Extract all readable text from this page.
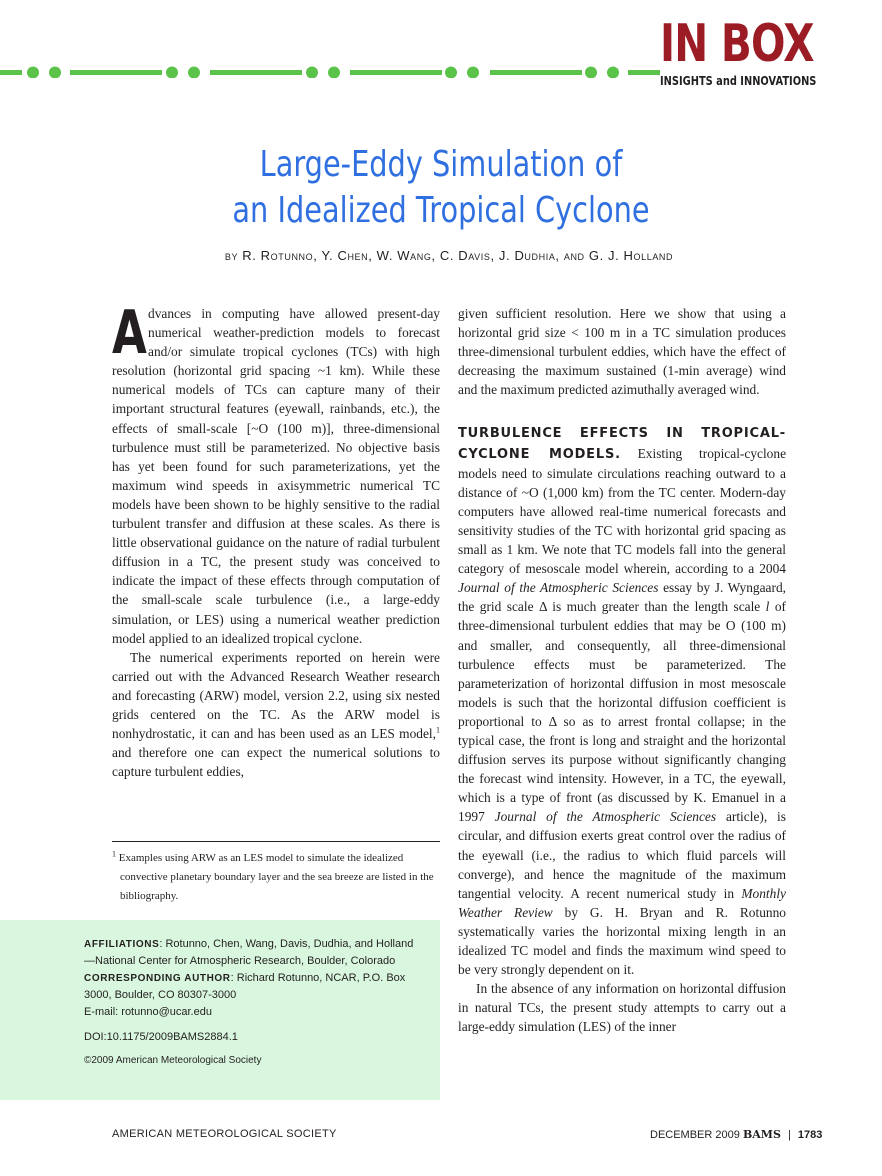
IN BOX
INSIGHTS and INNOVATIONS
Large-Eddy Simulation of
an Idealized Tropical Cyclone
by R. Rotunno, Y. Chen, W. Wang, C. Davis, J. Dudhia, and G. J. Holland

Advances in computing have allowed present-day numerical weather-prediction models to forecast and/or simulate tropical cyclones (TCs) with high resolution (horizontal grid spacing ~1 km). While these numerical models of TCs can capture many of their important structural features (eyewall, rainbands, etc.), the effects of small-scale [~O (100 m)], three-dimensional turbulence must still be parameterized. No objective basis has yet been found for such parameterizations, yet the maximum wind speeds in axisymmetric numerical TC models have been shown to be highly sensitive to the radial turbulent transfer and diffusion at these scales. As there is little observational guidance on the nature of radial turbulent diffusion in a TC, the present study was conceived to indicate the impact of these effects through computation of the small-scale scale turbulence (i.e., a large-eddy simulation, or LES) using a numerical weather prediction model applied to an idealized tropical cyclone.

The numerical experiments reported on herein were carried out with the Advanced Research Weather research and forecasting (ARW) model, version 2.2, using six nested grids centered on the TC. As the ARW model is nonhydrostatic, it can and has been used as an LES model,$^1$ and therefore one can expect the numerical solutions to capture turbulent eddies,

$^1$ Examples using ARW as an LES model to simulate the idealized convective planetary boundary layer and the sea breeze are listed in the bibliography.

AFFILIATIONS: Rotunno, Chen, Wang, Davis, Dudhia, and Holland—National Center for Atmospheric Research, Boulder, Colorado

CORRESPONDING AUTHOR: Richard Rotunno, NCAR, P.O. Box 3000, Boulder, CO 80307-3000

E-mail: rotunno@ucar.edu

DOI:10.1175/2009BAMS2884.1

©2009 American Meteorological Society

given sufficient resolution. Here we show that using a horizontal grid size < 100 m in a TC simulation produces three-dimensional turbulent eddies, which have the effect of decreasing the maximum sustained (1-min average) wind and the maximum predicted azimuthally averaged wind.

TURBULENCE EFFECTS IN TROPICAL-CYCLONE MODELS. Existing tropical-cyclone models need to simulate circulations reaching outward to a distance of ~O (1,000 km) from the TC center. Modern-day computers have allowed real-time numerical forecasts and sensitivity studies of the TC with horizontal grid spacing as small as 1 km. We note that TC models fall into the general category of mesoscale model wherein, according to a 2004 Journal of the Atmospheric Sciences essay by J. Wyngaard, the grid scale Δ is much greater than the length scale l of three-dimensional turbulent eddies that may be O (100 m) and smaller, and consequently, all three-dimensional turbulence effects must be parameterized. The parameterization of horizontal diffusion in most mesoscale models is such that the horizontal diffusion coefficient is proportional to Δ so as to arrest frontal collapse; in the typical case, the front is long and straight and the horizontal diffusion serves its purpose without significantly changing the forecast wind intensity. However, in a TC, the eyewall, which is a type of front (as discussed by K. Emanuel in a 1997 Journal of the Atmospheric Sciences article), is circular, and diffusion exerts great control over the radius of the eyewall (i.e., the radius to which fluid parcels will converge), and hence the magnitude of the maximum tangential velocity. A recent numerical study in Monthly Weather Review by G. H. Bryan and R. Rotunno systematically varies the horizontal mixing length in an idealized TC model and finds the maximum wind speed to be very strongly dependent on it.

In the absence of any information on horizontal diffusion in natural TCs, the present study attempts to carry out a large-eddy simulation (LES) of the inner

AMERICAN METEOROLOGICAL SOCIETY	DECEMBER 2009 BAMS | 1783
